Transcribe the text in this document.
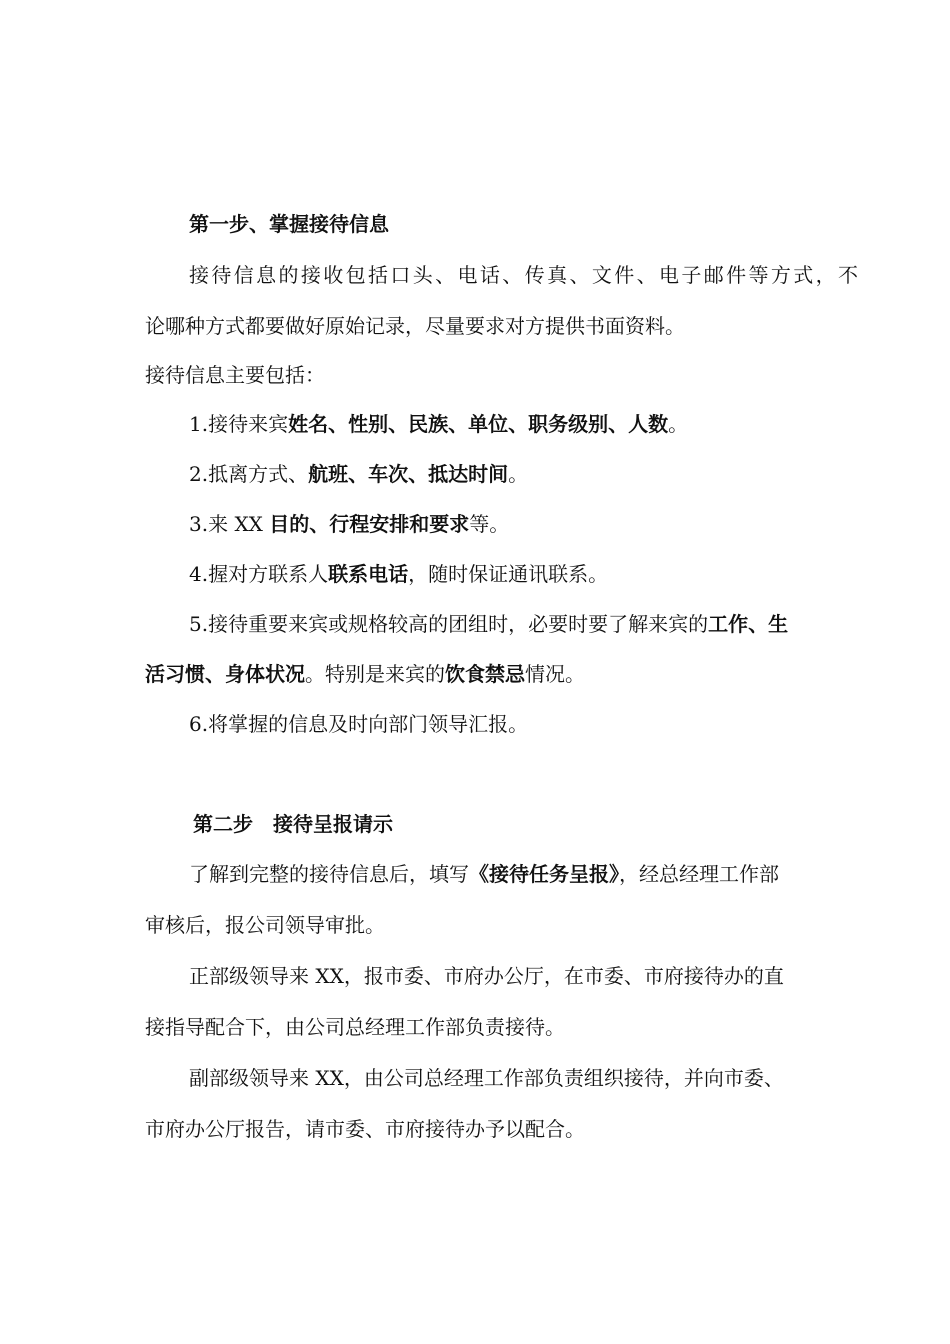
第一步、掌握接待信息

接待信息的接收包括口头、电话、传真、文件、电子邮件等方式，不

论哪种方式都要做好原始记录，尽量要求对方提供书面资料。

接待信息主要包括：

1.接待来宾姓名、性别、民族、单位、职务级别、人数。

2.抵离方式、航班、车次、抵达时间。

3.来 XX 目的、行程安排和要求等。

4.握对方联系人联系电话，随时保证通讯联系。

5.接待重要来宾或规格较高的团组时，必要时要了解来宾的工作、生

活习惯、身体状况。特别是来宾的饮食禁忌情况。

6.将掌握的信息及时向部门领导汇报。

第二步　接待呈报请示

了解到完整的接待信息后，填写《接待任务呈报》，经总经理工作部

审核后，报公司领导审批。

正部级领导来 XX，报市委、市府办公厅，在市委、市府接待办的直

接指导配合下，由公司总经理工作部负责接待。

副部级领导来 XX，由公司总经理工作部负责组织接待，并向市委、

市府办公厅报告，请市委、市府接待办予以配合。
